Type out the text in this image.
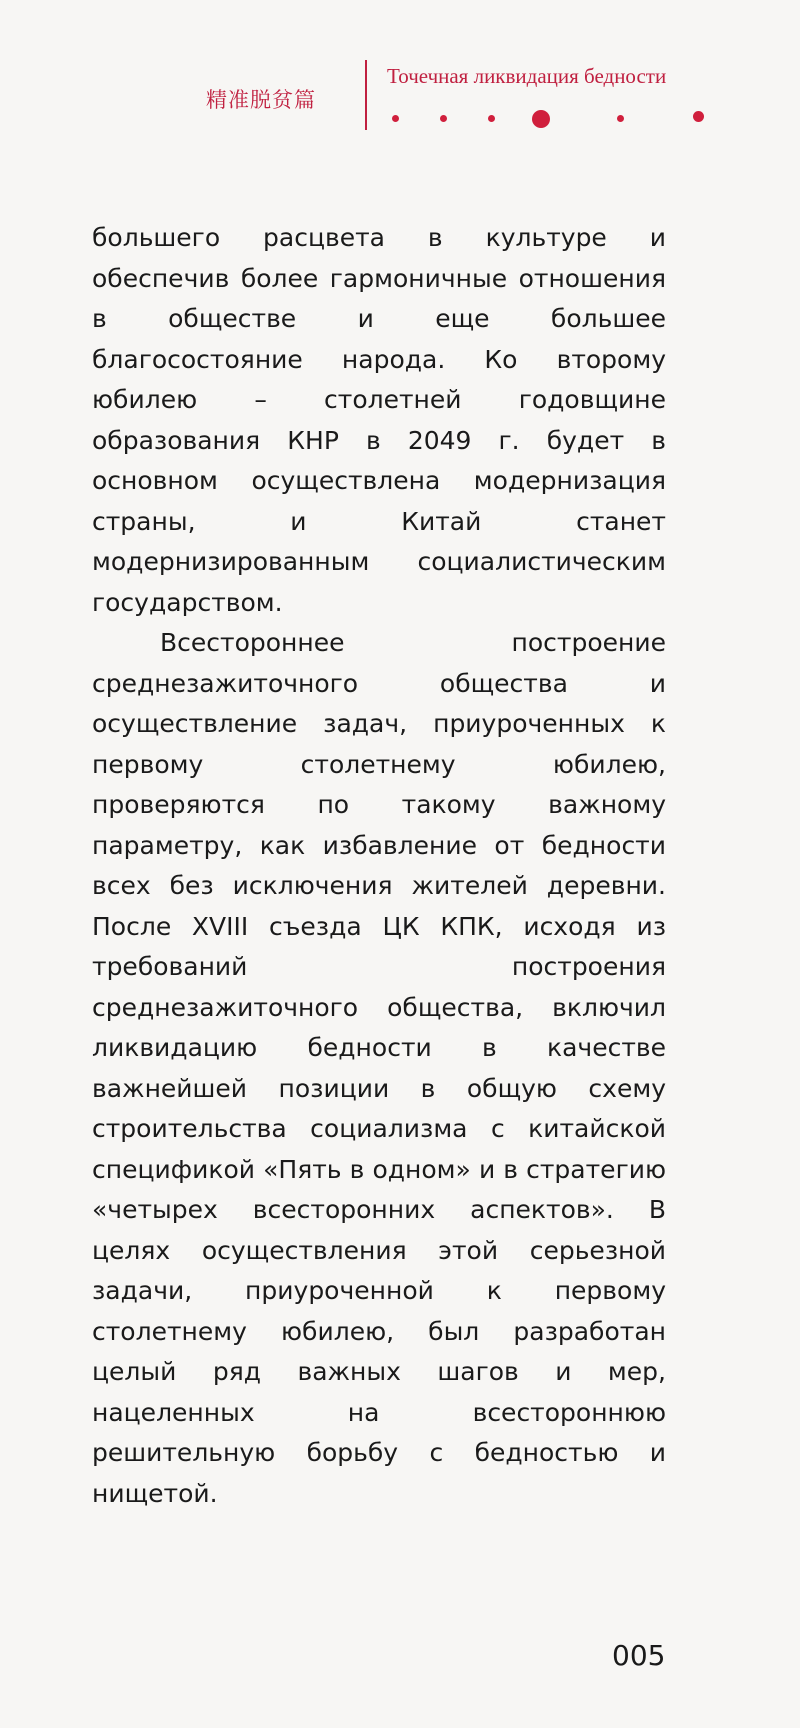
精准脱贫篇
Точечная ликвидация бедности

большего расцвета в культуре и обеспечив более гармоничные отношения в обществе и еще большее благосостояние народа. Ко второму юбилею – столетней годовщине образования КНР в 2049 г. будет в основном осуществлена модернизация страны, и Китай станет модернизированным социалистическим государством.

Всестороннее построение среднезажиточного общества и осуществление задач, приуроченных к первому столетнему юбилею, проверяются по такому важному параметру, как избавление от бедности всех без исключения жителей деревни. После XVIII съезда ЦК КПК, исходя из требований построения среднезажиточного общества, включил ликвидацию бедности в качестве важнейшей позиции в общую схему строительства социализма с китайской спецификой «Пять в одном» и в стратегию «четырех всесторонних аспектов». В целях осуществления этой серьезной задачи, приуроченной к первому столетнему юбилею, был разработан целый ряд важных шагов и мер, нацеленных на всестороннюю решительную борьбу с бедностью и нищетой.

005
